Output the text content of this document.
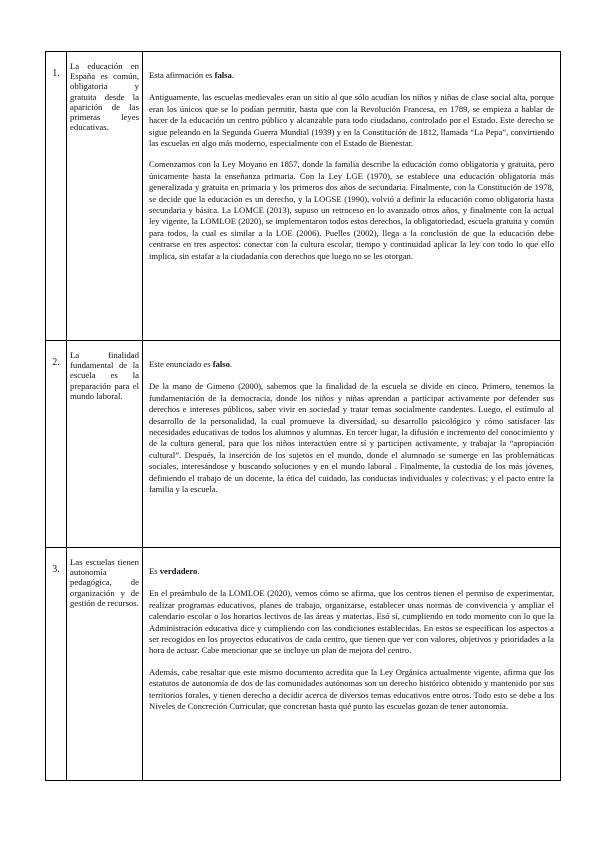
1.	La educación en España es común, obligatoria y gratuita desde la aparición de las primeras leyes educativas.	Esta afirmación es falsa.

Antiguamente, las escuelas medievales eran un sitio al que sólo acudían los niños y niñas de clase social alta, porque eran los únicos que se lo podían permitir, hasta que con la Revolución Francesa, en 1789, se empieza a hablar de hacer de la educación un centro público y alcanzable para todo ciudadano, controlado por el Estado. Este derecho se sigue peleando en la Segunda Guerra Mundial (1939) y en la Constitución de 1812, llamada “La Pepa”, convirtiendo las escuelas en algo más moderno, especialmente con el Estado de Bienestar.

Comenzamos con la Ley Moyano en 1857, donde la familia describe la educación como obligatoria y gratuita, pero únicamente hasta la enseñanza primaria. Con la Ley LGE (1970), se establece una educación obligatoria más generalizada y gratuita en primaria y los primeros dos años de secundaria. Finalmente, con la Constitución de 1978, se decide que la educación es un derecho, y la LOGSE (1990), volvió a definir la educación como obligatoria hasta secundaria y básica. La LOMCE (2013), supuso un retroceso en lo avanzado otros años, y finalmente con la actual ley vigente, la LOMLOE (2020), se implementaron todos estos derechos, la obligatoriedad, escuela gratuita y común para todos, la cual es similar a la LOE (2006). Puelles (2002), llega a la conclusión de que la educación debe centrarse en tres aspectos: conectar con la cultura escolar, tiempo y continuidad aplicar la ley con todo lo que ello implica, sin estafar a la ciudadanía con derechos que luego no se les otorgan.

2.	La finalidad fundamental de la escuela es la preparación para el mundo laboral.	Este enunciado es falso.

De la mano de Gimeno (2000), sabemos que la finalidad de la escuela se divide en cinco. Primero, tenemos la fundamentación de la democracia, donde los niños y niñas aprendan a participar activamente por defender sus derechos e intereses públicos, saber vivir en sociedad y tratar temas socialmente candentes. Luego, el estímulo al desarrollo de la personalidad, la cual promueve la diversidad, su desarrollo psicológico y cómo satisfacer las necesidades educativas de todos los alumnos y alumnas. En tercer lugar, la difusión e incremento del conocimiento y de la cultura general, para que los niños interactúen entre sí y participen activamente, y trabajar la “apropiación cultural”. Después, la inserción de los sujetos en el mundo, donde el alumnado se sumerge en las problemáticas sociales, interesándose y buscando soluciones y en el mundo laboral . Finalmente, la custodia de los más jóvenes, definiendo el trabajo de un docente, la ética del cuidado, las conductas individuales y colectivas; y el pacto entre la familia y la escuela.

3.	Las escuelas tienen autonomía pedagógica, de organización y de gestión de recursos.	Es verdadero.

En el preámbulo de la LOMLOE (2020), vemos cómo se afirma, que los centros tienen el permiso de experimentar, realizar programas educativos, planes de trabajo, organizarse, establecer unas normas de convivencia y ampliar el calendario escolar o los horarios lectivos de las áreas y materias. Esó sí, cumpliendo en todo momento con lo que la Administración educativa dice y cumpliendo con las condiciones establecidas. En estos se especifican los aspectos a ser recogidos en los proyectos educativos de cada centro, que tienen que ver con valores, objetivos y prioridades a la hora de actuar. Cabe mencionar que se incluye un plan de mejora del centro.

Además, cabe resaltar que este mismo documento acredita que la Ley Orgánica actualmente vigente, afirma que los estatutos de autonomía de dos de las comunidades autónomas son un derecho histórico obtenido y mantenido por sus territorios forales, y tienen derecho a decidir acerca de diversos temas educativos entre otros. Todo esto se debe a los Niveles de Concreción Curricular, que concretan hasta qué punto las escuelas gozan de tener autonomía.
